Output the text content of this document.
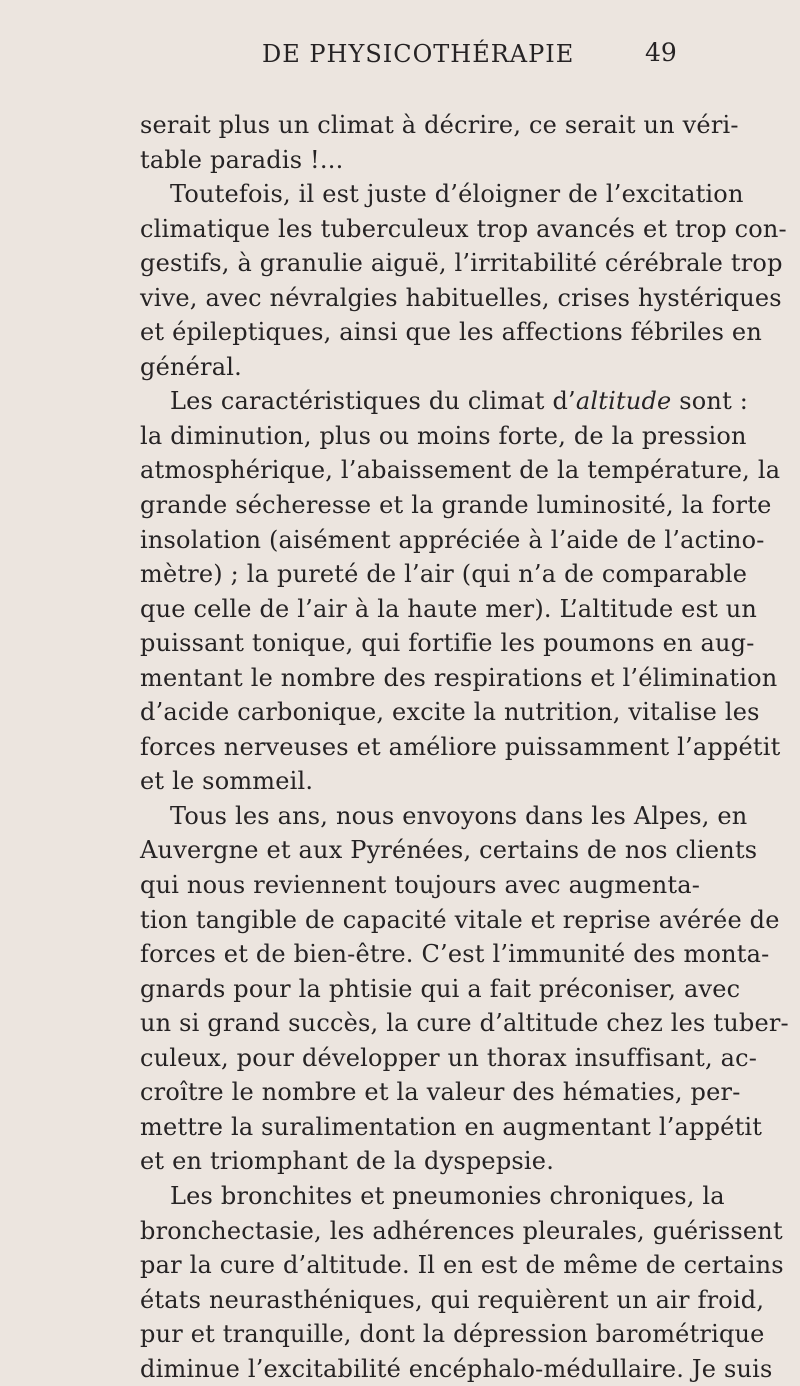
DE PHYSICOTHÉRAPIE	49
serait plus un climat à décrire, ce serait un véri-
table paradis !...
Toutefois, il est juste d’éloigner de l’excitation
climatique les tuberculeux trop avancés et trop con-
gestifs, à granulie aiguë, l’irritabilité cérébrale trop
vive, avec névralgies habituelles, crises hystériques
et épileptiques, ainsi que les affections fébriles en
général.
Les caractéristiques du climat d’altitude sont :
la diminution, plus ou moins forte, de la pression
atmosphérique, l’abaissement de la température, la
grande sécheresse et la grande luminosité, la forte
insolation (aisément appréciée à l’aide de l’actino-
mètre) ; la pureté de l’air (qui n’a de comparable
que celle de l’air à la haute mer). L’altitude est un
puissant tonique, qui fortifie les poumons en aug-
mentant le nombre des respirations et l’élimination
d’acide carbonique, excite la nutrition, vitalise les
forces nerveuses et améliore puissamment l’appétit
et le sommeil.
Tous les ans, nous envoyons dans les Alpes, en
Auvergne et aux Pyrénées, certains de nos clients
qui nous reviennent toujours avec augmenta-
tion tangible de capacité vitale et reprise avérée de
forces et de bien-être. C’est l’immunité des monta-
gnards pour la phtisie qui a fait préconiser, avec
un si grand succès, la cure d’altitude chez les tuber-
culeux, pour développer un thorax insuffisant, ac-
croître le nombre et la valeur des hématies, per-
mettre la suralimentation en augmentant l’appétit
et en triomphant de la dyspepsie.
Les bronchites et pneumonies chroniques, la
bronchectasie, les adhérences pleurales, guérissent
par la cure d’altitude. Il en est de même de certains
états neurasthéniques, qui requièrent un air froid,
pur et tranquille, dont la dépression barométrique
diminue l’excitabilité encéphalo-médullaire. Je suis
